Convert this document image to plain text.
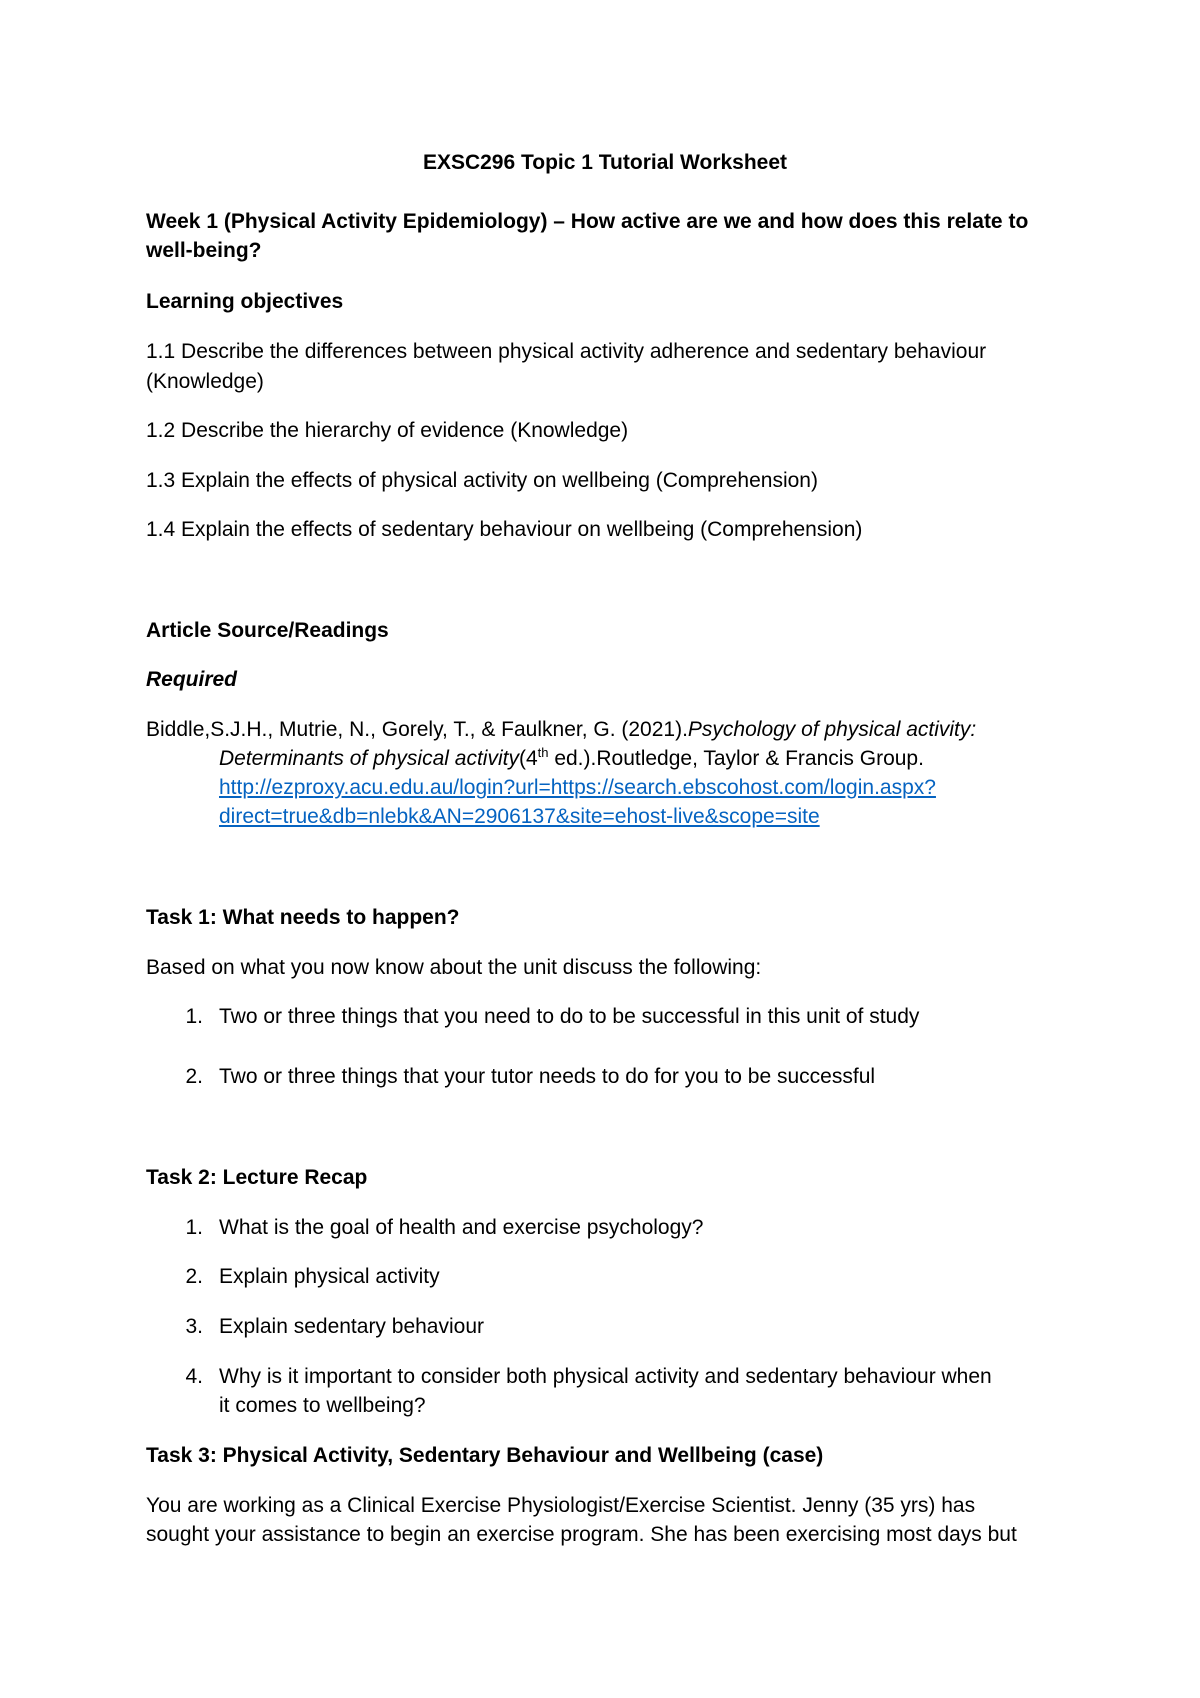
EXSC296 Topic 1 Tutorial Worksheet
Week 1 (Physical Activity Epidemiology) – How active are we and how does this relate to
well-being?
Learning objectives
1.1 Describe the differences between physical activity adherence and sedentary behaviour
(Knowledge)
1.2 Describe the hierarchy of evidence (Knowledge)
1.3 Explain the effects of physical activity on wellbeing (Comprehension)
1.4 Explain the effects of sedentary behaviour on wellbeing (Comprehension)
Article Source/Readings
Required
Biddle,S.J.H., Mutrie, N., Gorely, T., & Faulkner, G. (2021).Psychology of physical activity:
Determinants of physical activity(4th ed.).Routledge, Taylor & Francis Group.
http://ezproxy.acu.edu.au/login?url=https://search.ebscohost.com/login.aspx?
direct=true&db=nlebk&AN=2906137&site=ehost-live&scope=site
Task 1: What needs to happen?
Based on what you now know about the unit discuss the following:
1. Two or three things that you need to do to be successful in this unit of study
2. Two or three things that your tutor needs to do for you to be successful
Task 2: Lecture Recap
1. What is the goal of health and exercise psychology?
2. Explain physical activity
3. Explain sedentary behaviour
4. Why is it important to consider both physical activity and sedentary behaviour when
it comes to wellbeing?
Task 3: Physical Activity, Sedentary Behaviour and Wellbeing (case)
You are working as a Clinical Exercise Physiologist/Exercise Scientist. Jenny (35 yrs) has
sought your assistance to begin an exercise program. She has been exercising most days but
